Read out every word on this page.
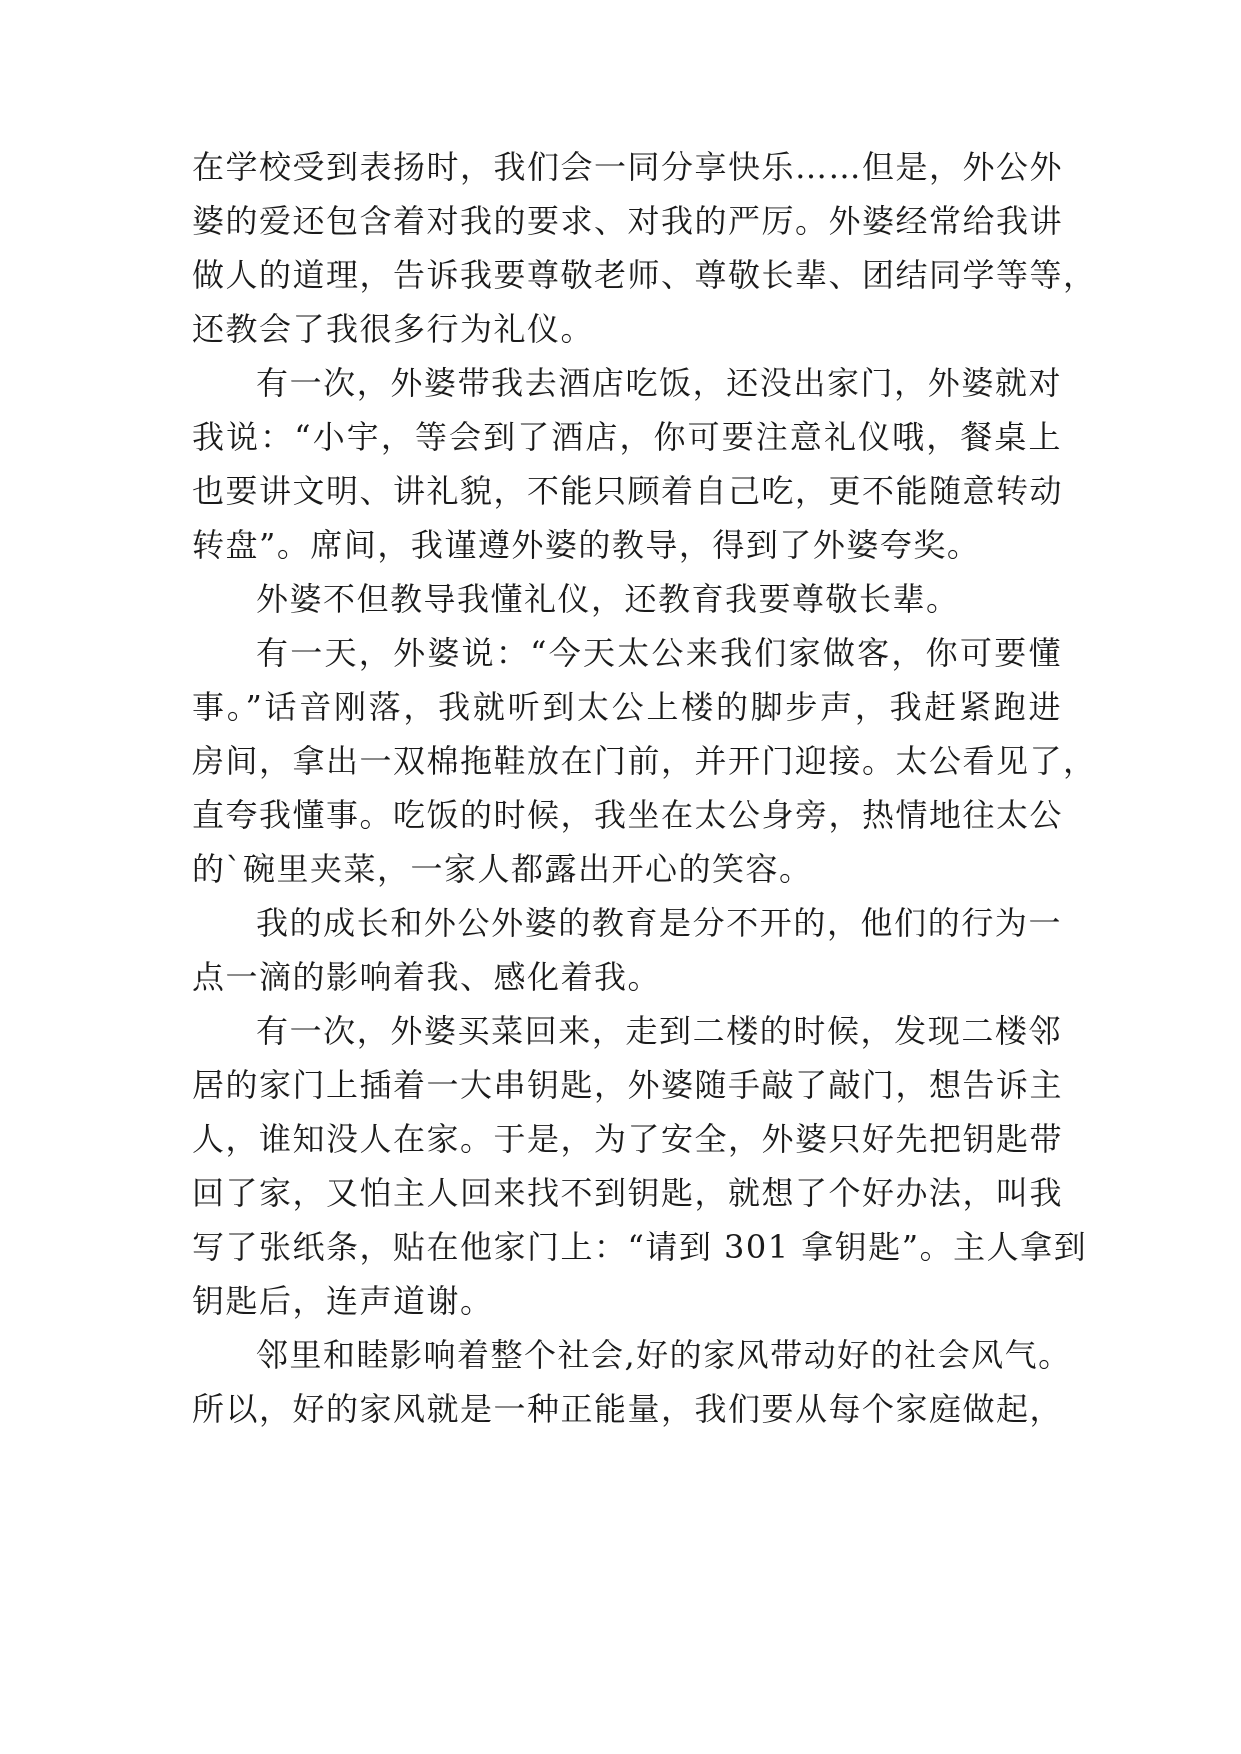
在学校受到表扬时，我们会一同分享快乐……但是，外公外
婆的爱还包含着对我的要求、对我的严厉。外婆经常给我讲
做人的道理，告诉我要尊敬老师、尊敬长辈、团结同学等等，
还教会了我很多行为礼仪。
有一次，外婆带我去酒店吃饭，还没出家门，外婆就对
我说：“小宇，等会到了酒店，你可要注意礼仪哦，餐桌上
也要讲文明、讲礼貌，不能只顾着自己吃，更不能随意转动
转盘”。席间，我谨遵外婆的教导，得到了外婆夸奖。
外婆不但教导我懂礼仪，还教育我要尊敬长辈。
有一天，外婆说：“今天太公来我们家做客，你可要懂
事。”话音刚落，我就听到太公上楼的脚步声，我赶紧跑进
房间，拿出一双棉拖鞋放在门前，并开门迎接。太公看见了，
直夸我懂事。吃饭的时候，我坐在太公身旁，热情地往太公
的`碗里夹菜，一家人都露出开心的笑容。
我的成长和外公外婆的教育是分不开的，他们的行为一
点一滴的影响着我、感化着我。
有一次，外婆买菜回来，走到二楼的时候，发现二楼邻
居的家门上插着一大串钥匙，外婆随手敲了敲门，想告诉主
人，谁知没人在家。于是，为了安全，外婆只好先把钥匙带
回了家，又怕主人回来找不到钥匙，就想了个好办法，叫我
写了张纸条，贴在他家门上：“请到 301 拿钥匙”。主人拿到
钥匙后，连声道谢。
邻里和睦影响着整个社会,好的家风带动好的社会风气。
所以，好的家风就是一种正能量，我们要从每个家庭做起，
